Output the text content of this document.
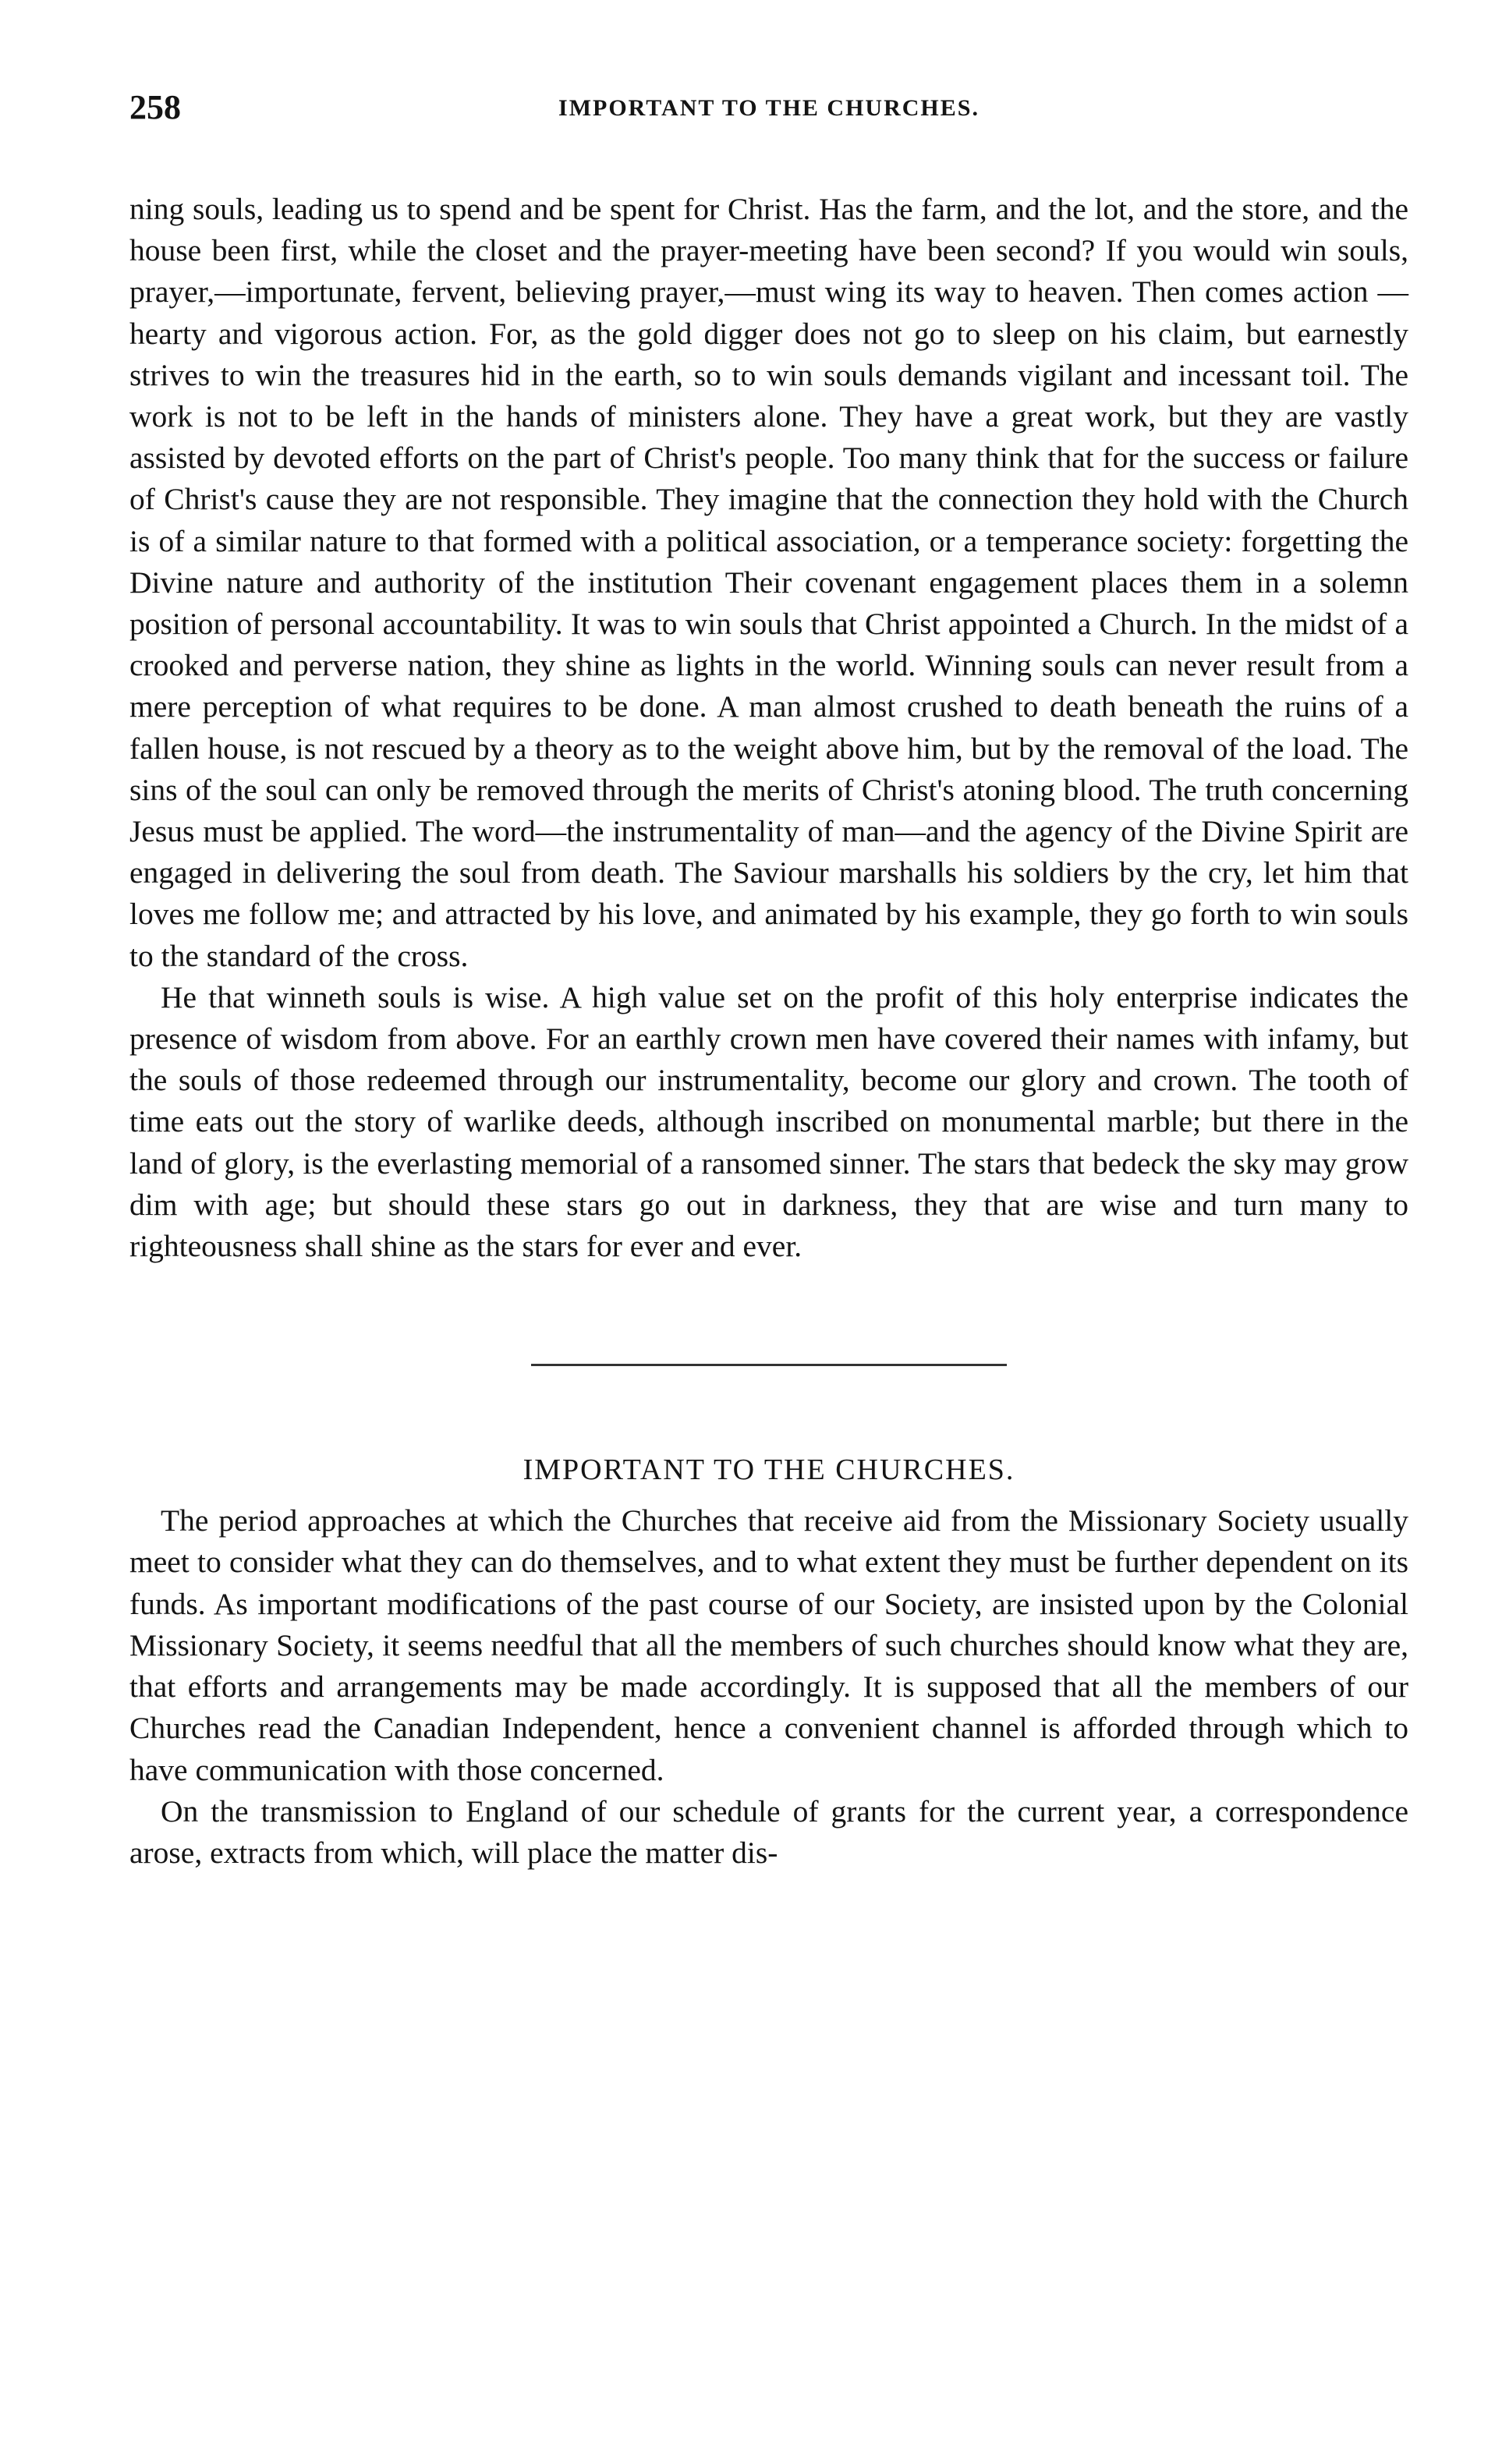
258	IMPORTANT TO THE CHURCHES.

ning souls, leading us to spend and be spent for Christ. Has the farm, and the lot, and the store, and the house been first, while the closet and the prayer-meeting have been second? If you would win souls, prayer,—importunate, fervent, believing prayer,—must wing its way to heaven. Then comes action —hearty and vigorous action. For, as the gold digger does not go to sleep on his claim, but earnestly strives to win the treasures hid in the earth, so to win souls demands vigilant and incessant toil. The work is not to be left in the hands of ministers alone. They have a great work, but they are vastly assisted by devoted efforts on the part of Christ's people. Too many think that for the success or failure of Christ's cause they are not responsible. They imagine that the connection they hold with the Church is of a similar nature to that formed with a political association, or a temperance society: forgetting the Divine nature and authority of the institution Their covenant engagement places them in a solemn position of personal accountability. It was to win souls that Christ appointed a Church. In the midst of a crooked and perverse nation, they shine as lights in the world. Winning souls can never result from a mere perception of what requires to be done. A man almost crushed to death beneath the ruins of a fallen house, is not rescued by a theory as to the weight above him, but by the removal of the load. The sins of the soul can only be removed through the merits of Christ's atoning blood. The truth concerning Jesus must be applied. The word—the instrumentality of man—and the agency of the Divine Spirit are engaged in delivering the soul from death. The Saviour marshalls his soldiers by the cry, let him that loves me follow me; and attracted by his love, and animated by his example, they go forth to win souls to the standard of the cross.

He that winneth souls is wise. A high value set on the profit of this holy enterprise indicates the presence of wisdom from above. For an earthly crown men have covered their names with infamy, but the souls of those redeemed through our instrumentality, become our glory and crown. The tooth of time eats out the story of warlike deeds, although inscribed on monumental marble; but there in the land of glory, is the everlasting memorial of a ransomed sinner. The stars that bedeck the sky may grow dim with age; but should these stars go out in darkness, they that are wise and turn many to righteousness shall shine as the stars for ever and ever.

IMPORTANT TO THE CHURCHES.

The period approaches at which the Churches that receive aid from the Missionary Society usually meet to consider what they can do themselves, and to what extent they must be further dependent on its funds. As important modifications of the past course of our Society, are insisted upon by the Colonial Missionary Society, it seems needful that all the members of such churches should know what they are, that efforts and arrangements may be made accordingly. It is supposed that all the members of our Churches read the Canadian Independent, hence a convenient channel is afforded through which to have communication with those concerned.

On the transmission to England of our schedule of grants for the current year, a correspondence arose, extracts from which, will place the matter dis-
